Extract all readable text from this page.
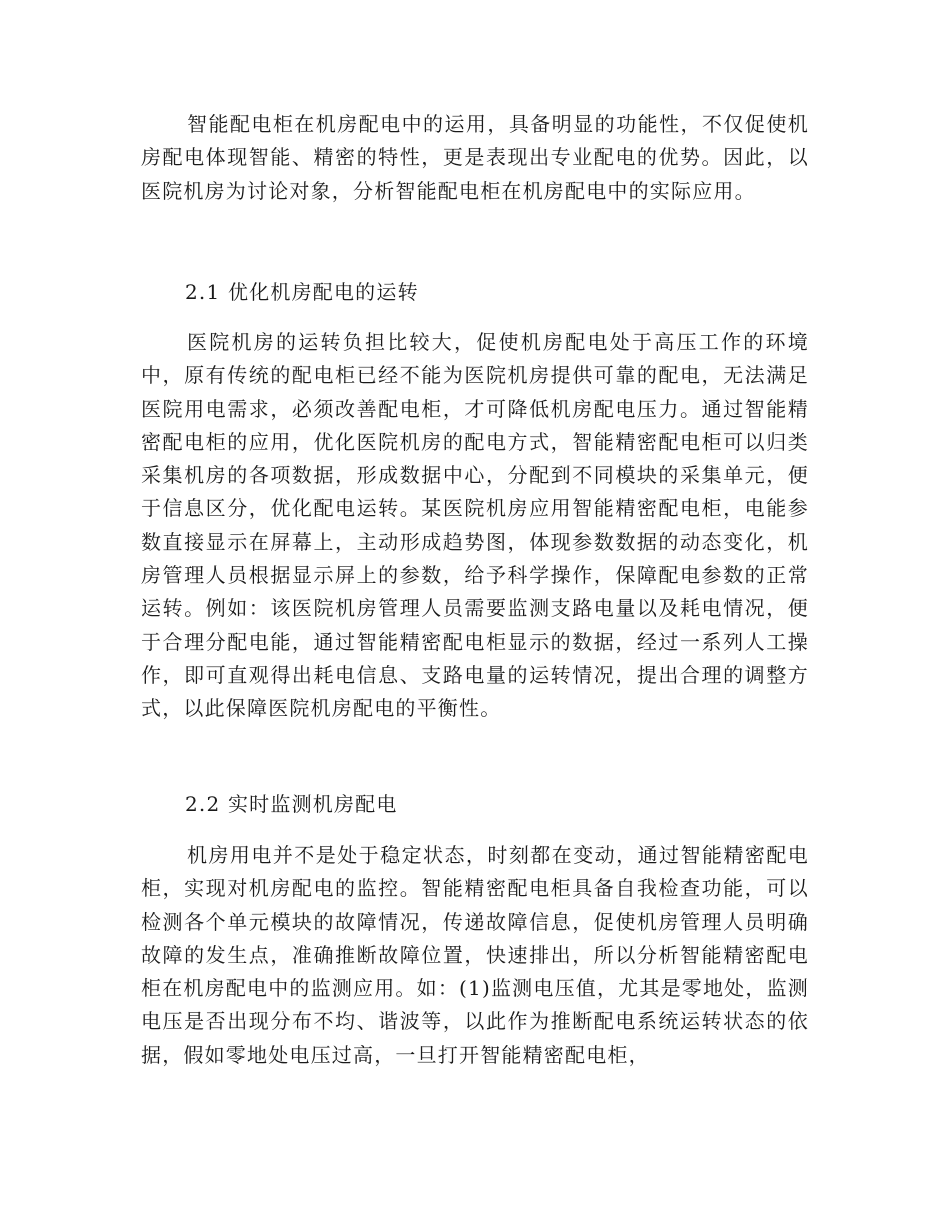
智能配电柜在机房配电中的运用，具备明显的功能性，不仅促使机房配电体现智能、精密的特性，更是表现出专业配电的优势。因此，以医院机房为讨论对象，分析智能配电柜在机房配电中的实际应用。

2.1 优化机房配电的运转

医院机房的运转负担比较大，促使机房配电处于高压工作的环境中，原有传统的配电柜已经不能为医院机房提供可靠的配电，无法满足医院用电需求，必须改善配电柜，才可降低机房配电压力。通过智能精密配电柜的应用，优化医院机房的配电方式，智能精密配电柜可以归类采集机房的各项数据，形成数据中心，分配到不同模块的采集单元，便于信息区分，优化配电运转。某医院机房应用智能精密配电柜，电能参数直接显示在屏幕上，主动形成趋势图，体现参数数据的动态变化，机房管理人员根据显示屏上的参数，给予科学操作，保障配电参数的正常运转。例如：该医院机房管理人员需要监测支路电量以及耗电情况，便于合理分配电能，通过智能精密配电柜显示的数据，经过一系列人工操作，即可直观得出耗电信息、支路电量的运转情况，提出合理的调整方式，以此保障医院机房配电的平衡性。

2.2 实时监测机房配电

机房用电并不是处于稳定状态，时刻都在变动，通过智能精密配电柜，实现对机房配电的监控。智能精密配电柜具备自我检查功能，可以检测各个单元模块的故障情况，传递故障信息，促使机房管理人员明确故障的发生点，准确推断故障位置，快速排出，所以分析智能精密配电柜在机房配电中的监测应用。如：(1)监测电压值，尤其是零地处，监测电压是否出现分布不均、谐波等，以此作为推断配电系统运转状态的依据，假如零地处电压过高，一旦打开智能精密配电柜，
